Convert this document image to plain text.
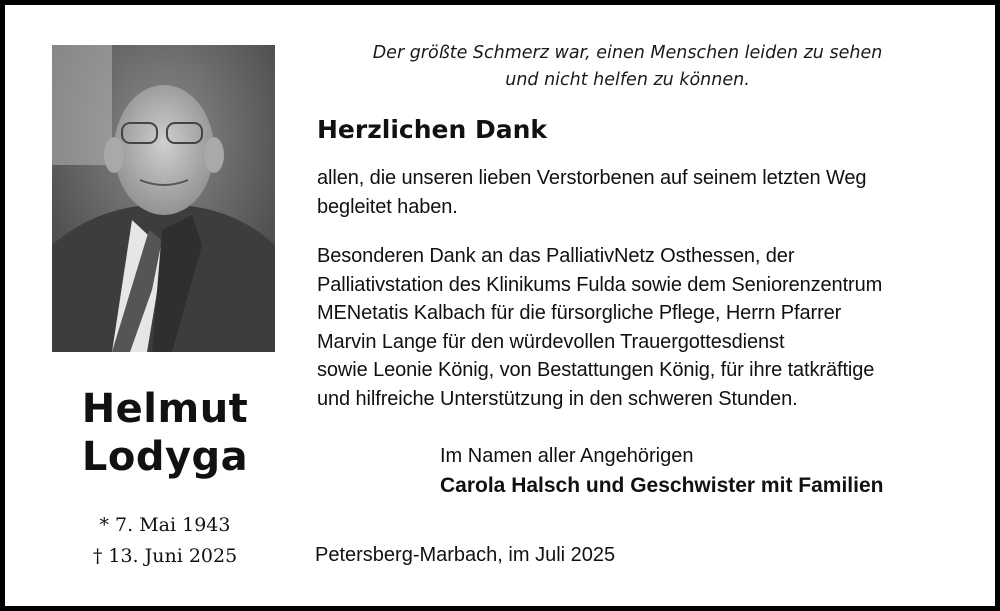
Helmut
Lodyga
* 7. Mai 1943
† 13. Juni 2025
Der größte Schmerz war, einen Menschen leiden zu sehen
und nicht helfen zu können.
Herzlichen Dank
allen, die unseren lieben Verstorbenen auf seinem letzten Weg
begleitet haben.
Besonderen Dank an das PalliativNetz Osthessen, der
Palliativstation des Klinikums Fulda sowie dem Seniorenzentrum
MENetatis Kalbach für die fürsorgliche Pflege, Herrn Pfarrer
Marvin Lange für den würdevollen Trauergottesdienst
sowie Leonie König, von Bestattungen König, für ihre tatkräftige
und hilfreiche Unterstützung in den schweren Stunden.
Im Namen aller Angehörigen
Carola Halsch und Geschwister mit Familien
Petersberg-Marbach, im Juli 2025
